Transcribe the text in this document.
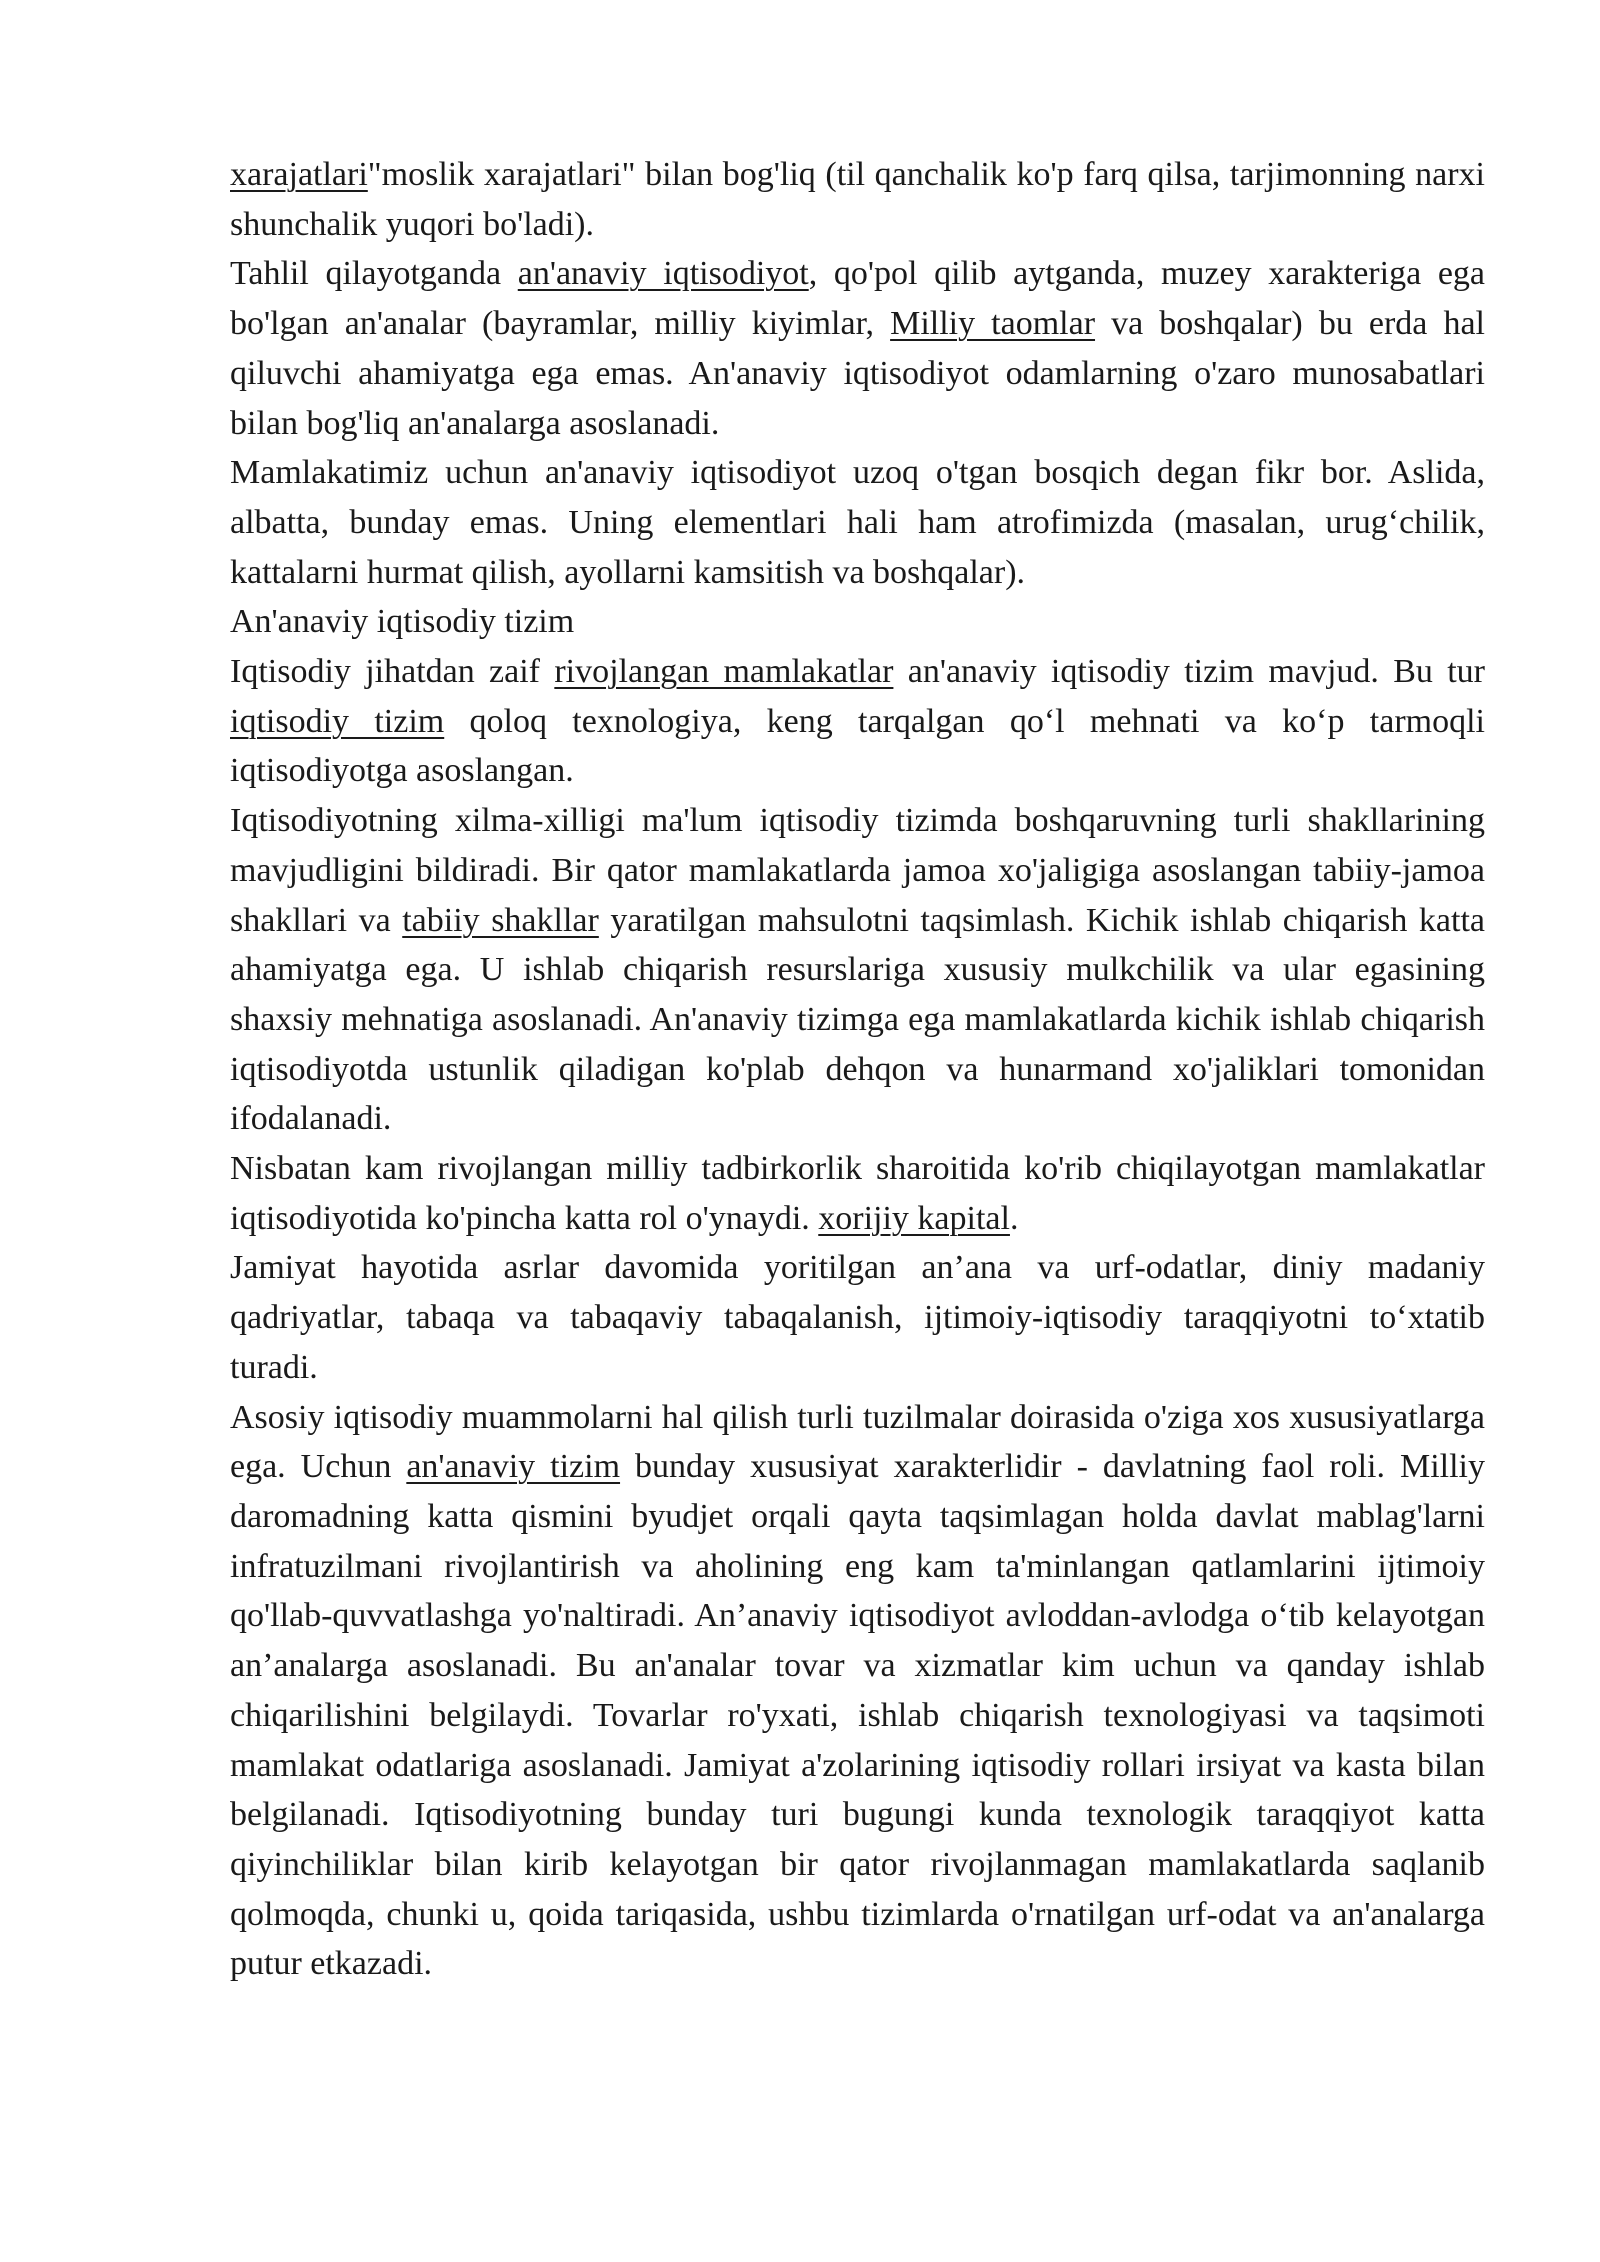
xarajatlari"moslik xarajatlari" bilan bog'liq (til qanchalik ko'p farq qilsa, tarjimonning narxi shunchalik yuqori bo'ladi).

Tahlil qilayotganda an'anaviy iqtisodiyot, qo'pol qilib aytganda, muzey xarakteriga ega bo'lgan an'analar (bayramlar, milliy kiyimlar, Milliy taomlar va boshqalar) bu erda hal qiluvchi ahamiyatga ega emas. An'anaviy iqtisodiyot odamlarning o'zaro munosabatlari bilan bog'liq an'analarga asoslanadi.

Mamlakatimiz uchun an'anaviy iqtisodiyot uzoq o'tgan bosqich degan fikr bor. Aslida, albatta, bunday emas. Uning elementlari hali ham atrofimizda (masalan, urug‘chilik, kattalarni hurmat qilish, ayollarni kamsitish va boshqalar).

An'anaviy iqtisodiy tizim

Iqtisodiy jihatdan zaif rivojlangan mamlakatlar an'anaviy iqtisodiy tizim mavjud. Bu tur iqtisodiy tizim qoloq texnologiya, keng tarqalgan qo‘l mehnati va ko‘p tarmoqli iqtisodiyotga asoslangan.

Iqtisodiyotning xilma-xilligi ma'lum iqtisodiy tizimda boshqaruvning turli shakllarining mavjudligini bildiradi. Bir qator mamlakatlarda jamoa xo'jaligiga asoslangan tabiiy-jamoa shakllari va tabiiy shakllar yaratilgan mahsulotni taqsimlash. Kichik ishlab chiqarish katta ahamiyatga ega. U ishlab chiqarish resurslariga xususiy mulkchilik va ular egasining shaxsiy mehnatiga asoslanadi. An'anaviy tizimga ega mamlakatlarda kichik ishlab chiqarish iqtisodiyotda ustunlik qiladigan ko'plab dehqon va hunarmand xo'jaliklari tomonidan ifodalanadi.

Nisbatan kam rivojlangan milliy tadbirkorlik sharoitida ko'rib chiqilayotgan mamlakatlar iqtisodiyotida ko'pincha katta rol o'ynaydi. xorijiy kapital.

Jamiyat hayotida asrlar davomida yoritilgan an’ana va urf-odatlar, diniy madaniy qadriyatlar, tabaqa va tabaqaviy tabaqalanish, ijtimoiy-iqtisodiy taraqqiyotni to‘xtatib turadi.

Asosiy iqtisodiy muammolarni hal qilish turli tuzilmalar doirasida o'ziga xos xususiyatlarga ega. Uchun an'anaviy tizim bunday xususiyat xarakterlidir - davlatning faol roli. Milliy daromadning katta qismini byudjet orqali qayta taqsimlagan holda davlat mablag'larni infratuzilmani rivojlantirish va aholining eng kam ta'minlangan qatlamlarini ijtimoiy qo'llab-quvvatlashga yo'naltiradi. An’anaviy iqtisodiyot avloddan-avlodga o‘tib kelayotgan an’analarga asoslanadi. Bu an'analar tovar va xizmatlar kim uchun va qanday ishlab chiqarilishini belgilaydi. Tovarlar ro'yxati, ishlab chiqarish texnologiyasi va taqsimoti mamlakat odatlariga asoslanadi. Jamiyat a'zolarining iqtisodiy rollari irsiyat va kasta bilan belgilanadi. Iqtisodiyotning bunday turi bugungi kunda texnologik taraqqiyot katta qiyinchiliklar bilan kirib kelayotgan bir qator rivojlanmagan mamlakatlarda saqlanib qolmoqda, chunki u, qoida tariqasida, ushbu tizimlarda o'rnatilgan urf-odat va an'analarga putur etkazadi.
